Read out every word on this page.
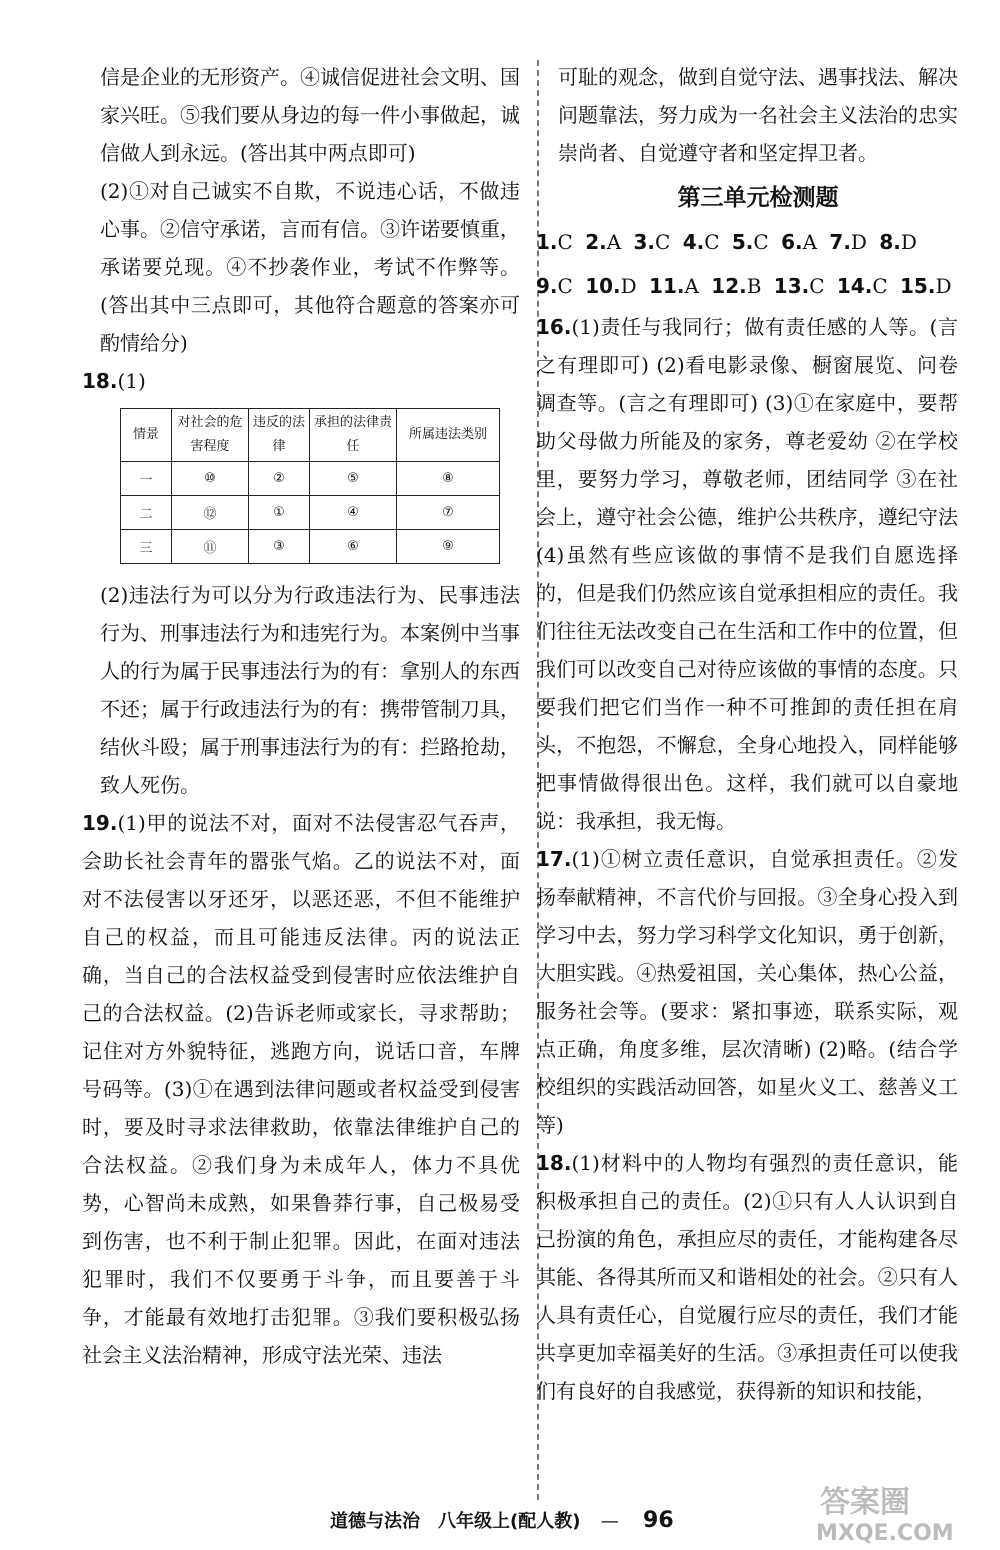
信是企业的无形资产。④诚信促进社会文明、国家兴旺。⑤我们要从身边的每一件小事做起，诚信做人到永远。(答出其中两点即可)

(2)①对自己诚实不自欺，不说违心话，不做违心事。②信守承诺，言而有信。③许诺要慎重，承诺要兑现。④不抄袭作业，考试不作弊等。(答出其中三点即可，其他符合题意的答案亦可酌情给分)

18.(1)

情景	对社会的危害程度	违反的法律	承担的法律责任	所属违法类别
一	⑩	②	⑤	⑧
二	⑫	①	④	⑦
三	⑪	③	⑥	⑨

(2)违法行为可以分为行政违法行为、民事违法行为、刑事违法行为和违宪行为。本案例中当事人的行为属于民事违法行为的有：拿别人的东西不还；属于行政违法行为的有：携带管制刀具，结伙斗殴；属于刑事违法行为的有：拦路抢劫，致人死伤。

19.(1)甲的说法不对，面对不法侵害忍气吞声，会助长社会青年的嚣张气焰。乙的说法不对，面对不法侵害以牙还牙，以恶还恶，不但不能维护自己的权益，而且可能违反法律。丙的说法正确，当自己的合法权益受到侵害时应依法维护自己的合法权益。(2)告诉老师或家长，寻求帮助；记住对方外貌特征，逃跑方向，说话口音，车牌号码等。(3)①在遇到法律问题或者权益受到侵害时，要及时寻求法律救助，依靠法律维护自己的合法权益。②我们身为未成年人，体力不具优势，心智尚未成熟，如果鲁莽行事，自己极易受到伤害，也不利于制止犯罪。因此，在面对违法犯罪时，我们不仅要勇于斗争，而且要善于斗争，才能最有效地打击犯罪。③我们要积极弘扬社会主义法治精神，形成守法光荣、违法

可耻的观念，做到自觉守法、遇事找法、解决问题靠法，努力成为一名社会主义法治的忠实崇尚者、自觉遵守者和坚定捍卫者。

第三单元检测题

1.C 2.A 3.C 4.C 5.C 6.A 7.D 8.D

9.C 10.D 11.A 12.B 13.C 14.C 15.D

16.(1)责任与我同行；做有责任感的人等。(言之有理即可) (2)看电影录像、橱窗展览、问卷调查等。(言之有理即可) (3)①在家庭中，要帮助父母做力所能及的家务，尊老爱幼 ②在学校里，要努力学习，尊敬老师，团结同学 ③在社会上，遵守社会公德，维护公共秩序，遵纪守法 (4)虽然有些应该做的事情不是我们自愿选择的，但是我们仍然应该自觉承担相应的责任。我们往往无法改变自己在生活和工作中的位置，但我们可以改变自己对待应该做的事情的态度。只要我们把它们当作一种不可推卸的责任担在肩头，不抱怨，不懈怠，全身心地投入，同样能够把事情做得很出色。这样，我们就可以自豪地说：我承担，我无悔。

17.(1)①树立责任意识，自觉承担责任。②发扬奉献精神，不言代价与回报。③全身心投入到学习中去，努力学习科学文化知识，勇于创新，大胆实践。④热爱祖国，关心集体，热心公益，服务社会等。(要求：紧扣事迹，联系实际，观点正确，角度多维，层次清晰) (2)略。(结合学校组织的实践活动回答，如星火义工、慈善义工等)

18.(1)材料中的人物均有强烈的责任意识，能积极承担自己的责任。(2)①只有人人认识到自己扮演的角色，承担应尽的责任，才能构建各尽其能、各得其所而又和谐相处的社会。②只有人人具有责任心，自觉履行应尽的责任，我们才能共享更加幸福美好的生活。③承担责任可以使我们有良好的自我感觉，获得新的知识和技能，

道德与法治　八年级上(配人教) — 96
答案圈
MXQE.COM
